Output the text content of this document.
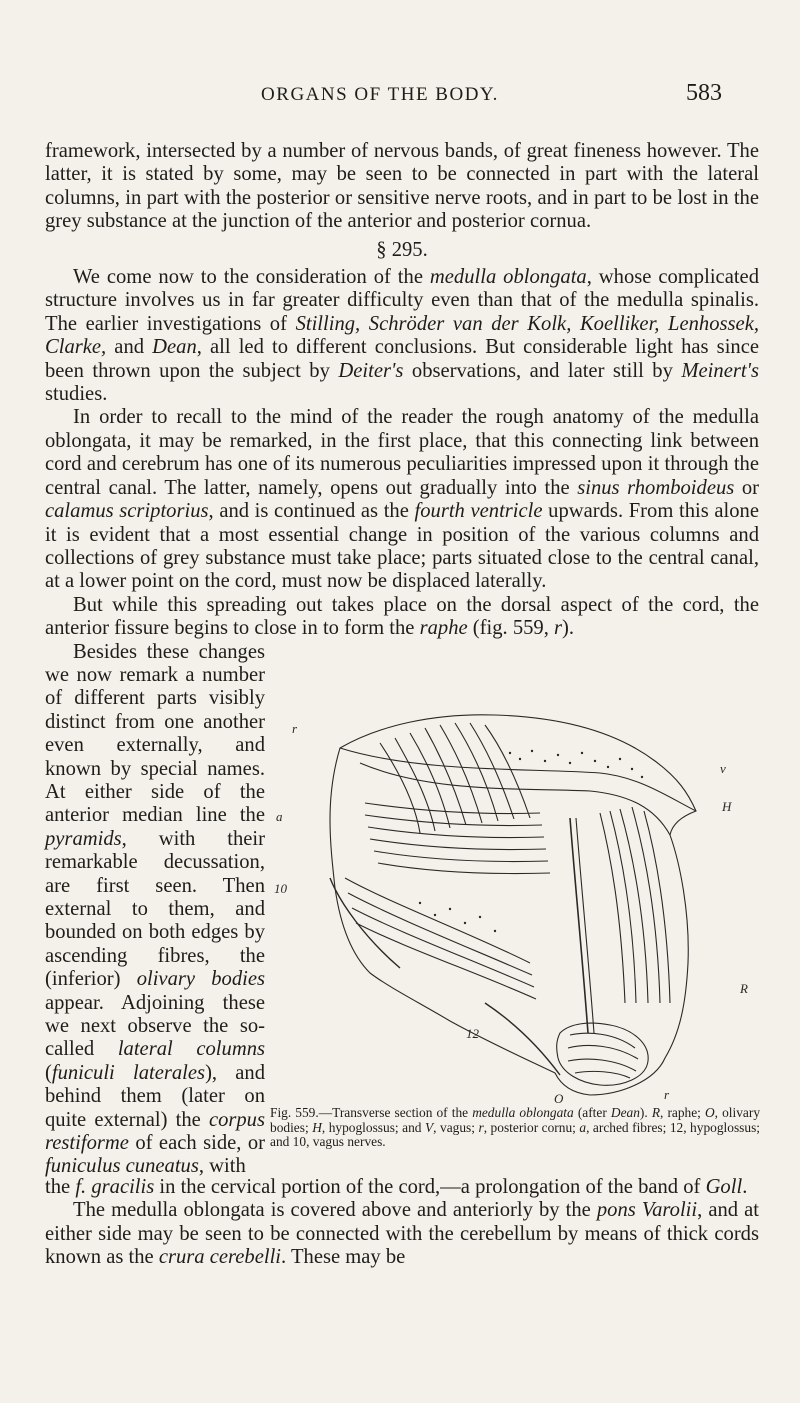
ORGANS OF THE BODY.	583

framework, intersected by a number of nervous bands, of great fineness however. The latter, it is stated by some, may be seen to be connected in part with the lateral columns, in part with the posterior or sensitive nerve roots, and in part to be lost in the grey substance at the junction of the anterior and posterior cornua.

§ 295.

We come now to the consideration of the medulla oblongata, whose complicated structure involves us in far greater difficulty even than that of the medulla spinalis. The earlier investigations of Stilling, Schröder van der Kolk, Koelliker, Lenhossek, Clarke, and Dean, all led to different conclusions. But considerable light has since been thrown upon the subject by Deiter's observations, and later still by Meinert's studies.

In order to recall to the mind of the reader the rough anatomy of the medulla oblongata, it may be remarked, in the first place, that this connecting link between cord and cerebrum has one of its numerous peculiarities impressed upon it through the central canal. The latter, namely, opens out gradually into the sinus rhomboideus or calamus scriptorius, and is continued as the fourth ventricle upwards. From this alone it is evident that a most essential change in position of the various columns and collections of grey substance must take place; parts situated close to the central canal, at a lower point on the cord, must now be displaced laterally.

But while this spreading out takes place on the dorsal aspect of the cord, the anterior fissure begins to close in to form the raphe (fig. 559, r).

Besides these changes we now remark a number of different parts visibly distinct from one another even externally, and known by special names. At either side of the anterior median line the pyramids, with their remarkable decussation, are first seen. Then external to them, and bounded on both edges by ascending fibres, the (inferior) olivary bodies appear. Adjoining these we next observe the so-called lateral columns (funiculi laterales), and behind them (later on quite external) the corpus restiforme of each side, or funiculus cuneatus, with

r
v
H
a
10
R
12
O	r
Fig. 559.—Transverse section of the medulla oblongata (after Dean). R, raphe; O, olivary bodies; H, hypoglossus; and V, vagus; r, posterior cornu; a, arched fibres; 12, hypoglossus; and 10, vagus nerves.

the f. gracilis in the cervical portion of the cord,—a prolongation of the band of Goll.

The medulla oblongata is covered above and anteriorly by the pons Varolii, and at either side may be seen to be connected with the cerebellum by means of thick cords known as the crura cerebelli. These may be
